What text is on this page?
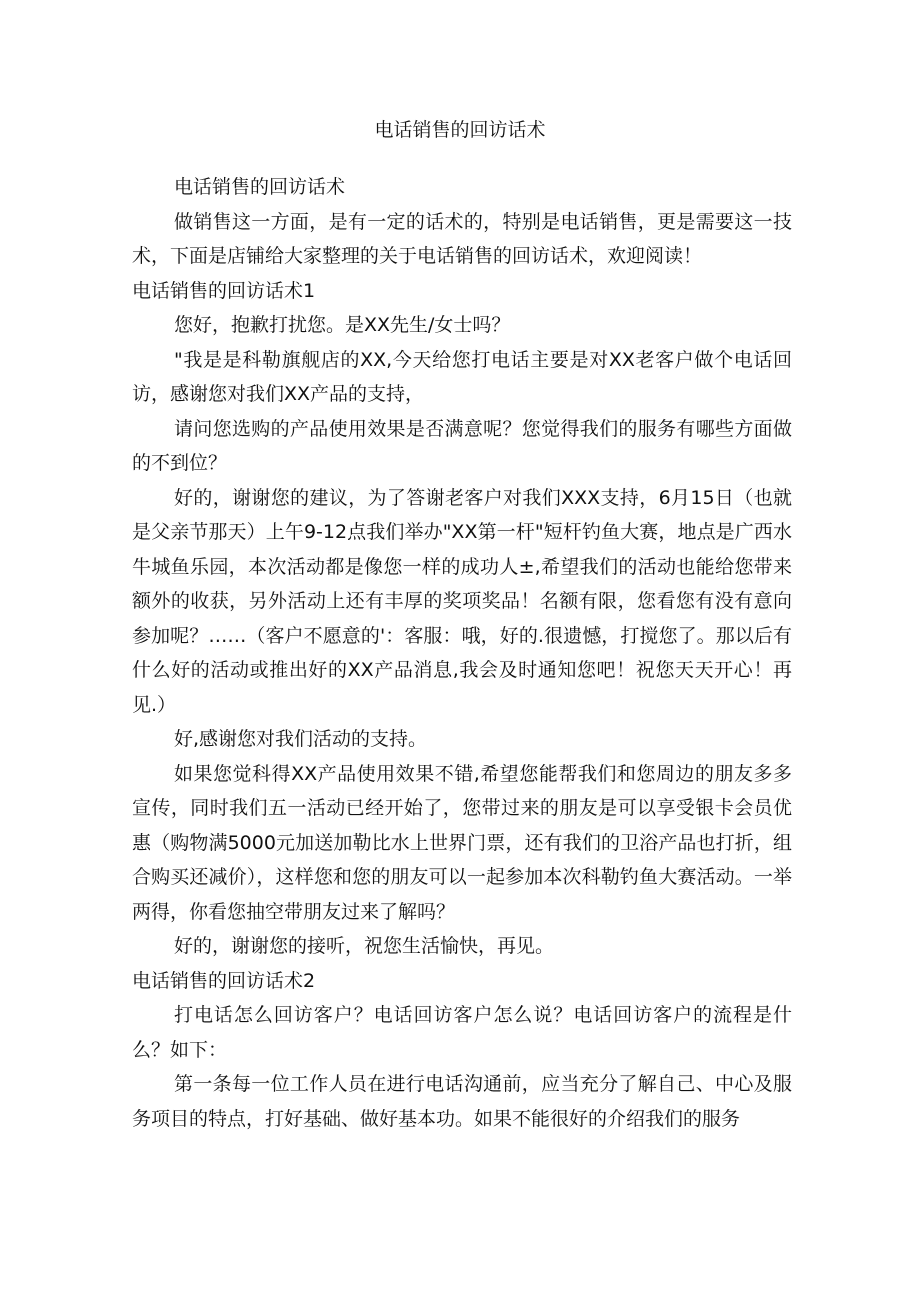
电话销售的回访话术

电话销售的回访话术

做销售这一方面，是有一定的话术的，特别是电话销售，更是需要这一技术，下面是店铺给大家整理的关于电话销售的回访话术，欢迎阅读！

电话销售的回访话术1

您好，抱歉打扰您。是XX先生/女士吗？

"我是是科勒旗舰店的XX,今天给您打电话主要是对XX老客户做个电话回访，感谢您对我们XX产品的支持，

请问您选购的产品使用效果是否满意呢？您觉得我们的服务有哪些方面做的不到位？

好的，谢谢您的建议，为了答谢老客户对我们XXX支持，6月15日（也就是父亲节那天）上午9-12点我们举办"XX第一杆"短杆钓鱼大赛，地点是广西水牛城鱼乐园，本次活动都是像您一样的成功人±,希望我们的活动也能给您带来额外的收获，另外活动上还有丰厚的奖项奖品！名额有限，您看您有没有意向参加呢？……（客户不愿意的'：客服：哦，好的.很遗憾，打搅您了。那以后有什么好的活动或推出好的XX产品消息,我会及时通知您吧！祝您天天开心！再见.）

好,感谢您对我们活动的支持。

如果您觉科得XX产品使用效果不错,希望您能帮我们和您周边的朋友多多宣传，同时我们五一活动已经开始了，您带过来的朋友是可以享受银卡会员优惠（购物满5000元加送加勒比水上世界门票，还有我们的卫浴产品也打折，组合购买还减价），这样您和您的朋友可以一起参加本次科勒钓鱼大赛活动。一举两得，你看您抽空带朋友过来了解吗？

好的，谢谢您的接听，祝您生活愉快，再见。

电话销售的回访话术2

打电话怎么回访客户？电话回访客户怎么说？电话回访客户的流程是什么？如下：

第一条每一位工作人员在进行电话沟通前，应当充分了解自己、中心及服务项目的特点，打好基础、做好基本功。如果不能很好的介绍我们的服务
